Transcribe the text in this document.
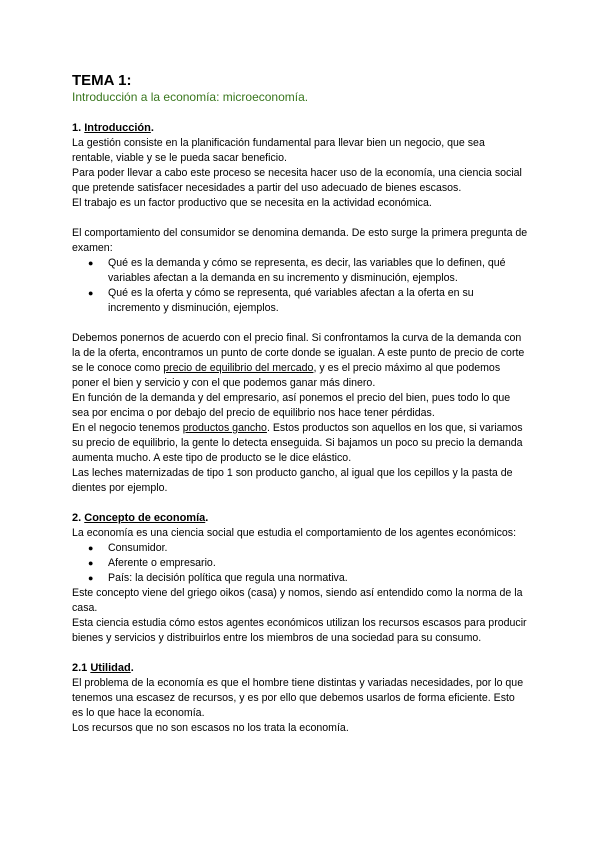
TEMA 1:

Introducción a la economía: microeconomía.

1. Introducción.

La gestión consiste en la planificación fundamental para llevar bien un negocio, que sea rentable, viable y se le pueda sacar beneficio.

Para poder llevar a cabo este proceso se necesita hacer uso de la economía, una ciencia social que pretende satisfacer necesidades a partir del uso adecuado de bienes escasos.

El trabajo es un factor productivo que se necesita en la actividad económica.

El comportamiento del consumidor se denomina demanda. De esto surge la primera pregunta de examen:

● Qué es la demanda y cómo se representa, es decir, las variables que lo definen, qué variables afectan a la demanda en su incremento y disminución, ejemplos.
● Qué es la oferta y cómo se representa, qué variables afectan a la oferta en su incremento y disminución, ejemplos.

Debemos ponernos de acuerdo con el precio final. Si confrontamos la curva de la demanda con la de la oferta, encontramos un punto de corte donde se igualan. A este punto de precio de corte se le conoce como precio de equilibrio del mercado, y es el precio máximo al que podemos poner el bien y servicio y con el que podemos ganar más dinero.

En función de la demanda y del empresario, así ponemos el precio del bien, pues todo lo que sea por encima o por debajo del precio de equilibrio nos hace tener pérdidas.

En el negocio tenemos productos gancho. Estos productos son aquellos en los que, si variamos su precio de equilibrio, la gente lo detecta enseguida. Si bajamos un poco su precio la demanda aumenta mucho. A este tipo de producto se le dice elástico.

Las leches maternizadas de tipo 1 son producto gancho, al igual que los cepillos y la pasta de dientes por ejemplo.

2. Concepto de economía.

La economía es una ciencia social que estudia el comportamiento de los agentes económicos:

● Consumidor.
● Aferente o empresario.
● País: la decisión política que regula una normativa.

Este concepto viene del griego oikos (casa) y nomos, siendo así entendido como la norma de la casa.

Esta ciencia estudia cómo estos agentes económicos utilizan los recursos escasos para producir bienes y servicios y distribuirlos entre los miembros de una sociedad para su consumo.

2.1 Utilidad.

El problema de la economía es que el hombre tiene distintas y variadas necesidades, por lo que tenemos una escasez de recursos, y es por ello que debemos usarlos de forma eficiente. Esto es lo que hace la economía.

Los recursos que no son escasos no los trata la economía.
